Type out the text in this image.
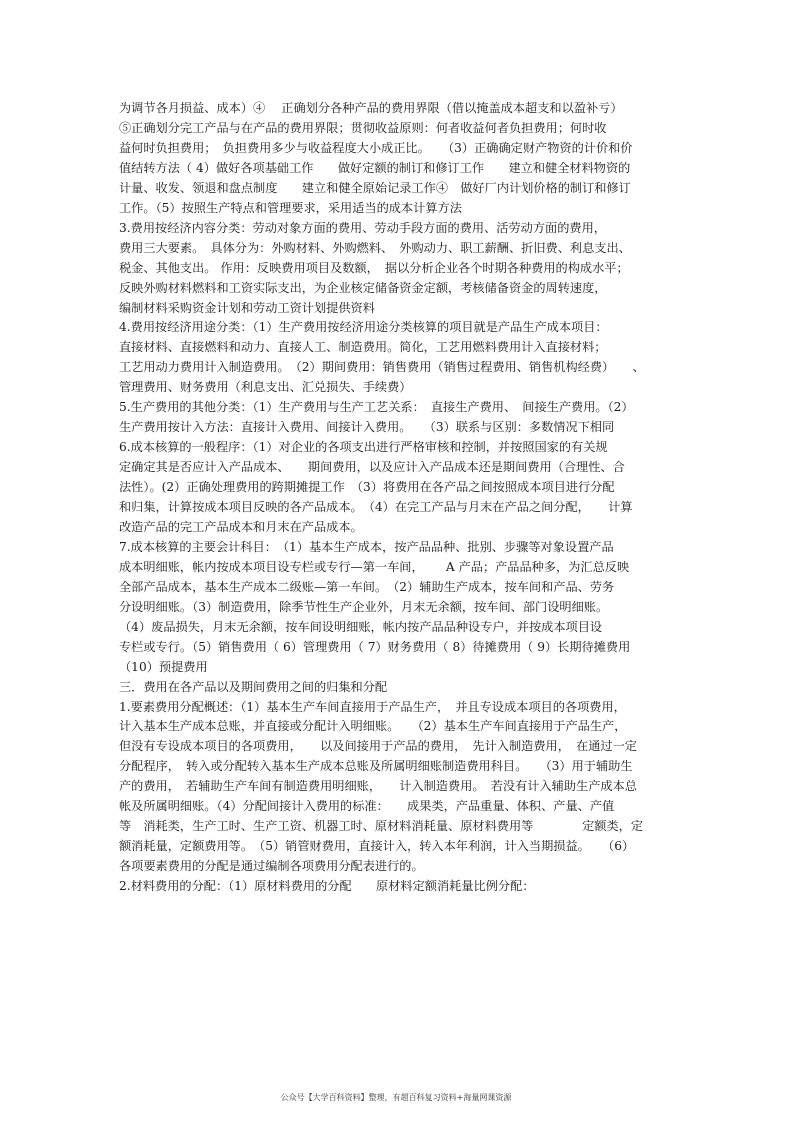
为调节各月损益、成本）④　 正确划分各种产品的费用界限（借以掩盖成本超支和以盈补亏）
⑤正确划分完工产品与在产品的费用界限；贯彻收益原则：何者收益何者负担费用；何时收
益何时负担费用；　负担费用多少与收益程度大小成正比。　　（3）正确确定财产物资的计价和价
值结转方法（ 4）做好各项基础工作　　做好定额的制订和修订工作　　建立和健全材料物资的
计量、收发、领退和盘点制度　　建立和健全原始记录工作④　做好厂内计划价格的制订和修订
工作。（5）按照生产特点和管理要求，采用适当的成本计算方法
3.费用按经济内容分类：劳动对象方面的费用、劳动手段方面的费用、活劳动方面的费用，
费用三大要素。　具体分为：外购材料、外购燃料、　外购动力、职工薪酬、折旧费、利息支出、
税金、其他支出。 作用：反映费用项目及数额，　据以分析企业各个时期各种费用的构成水平；
反映外购材料燃料和工资实际支出，为企业核定储备资金定额，考核储备资金的周转速度，
编制材料采购资金计划和劳动工资计划提供资料
4.费用按经济用途分类：（1）生产费用按经济用途分类核算的项目就是产品生产成本项目：
直接材料、直接燃料和动力、直接人工、制造费用。简化，工艺用燃料费用计入直接材料；
工艺用动力费用计入制造费用。　（2）期间费用：销售费用（销售过程费用、销售机构经费）　　、
管理费用、财务费用（利息支出、汇兑损失、手续费）
5.生产费用的其他分类：（1）生产费用与生产工艺关系：　直接生产费用、　间接生产费用。（2）
生产费用按计入方法：直接计入费用、间接计入费用。　　（3）联系与区别：多数情况下相同
6.成本核算的一般程序：（1）对企业的各项支出进行严格审核和控制，并按照国家的有关规
定确定其是否应计入产品成本、　　期间费用，以及应计入产品成本还是期间费用（合理性、合
法性）。(2）正确处理费用的跨期摊提工作　（3）将费用在各产品之间按照成本项目进行分配
和归集，计算按成本项目反映的各产品成本。　（4）在完工产品与月末在产品之间分配，　　计算
改造产品的完工产品成本和月末在产品成本。
7.成本核算的主要会计科目：　（1）基本生产成本，按产品品种、批别、步骤等对象设置产品
成本明细账，帐内按成本项目设专栏或专行—第一车间，　　 A 产品；产品品种多，为汇总反映
全部产品成本，基本生产成本二级账—第一车间。　（2）辅助生产成本，按车间和产品、劳务
分设明细账。（3）制造费用，除季节性生产企业外，月末无余额，按车间、部门设明细账。
（4）废品损失，月末无余额，按车间设明细账，帐内按产品品种设专户，并按成本项目设
专栏或专行。（5）销售费用（ 6）管理费用（ 7）财务费用（ 8）待摊费用（ 9）长期待摊费用
（10）预提费用
三．费用在各产品以及期间费用之间的归集和分配
1.要素费用分配概述：（1）基本生产车间直接用于产品生产，　并且专设成本项目的各项费用，
计入基本生产成本总账，并直接或分配计入明细账。　　（2）基本生产车间直接用于产品生产，
但没有专设成本项目的各项费用，　　以及间接用于产品的费用，　先计入制造费用，　在通过一定
分配程序，　转入或分配转入基本生产成本总账及所属明细账制造费用科目。　　（3）用于辅助生
产的费用，　若辅助生产车间有制造费用明细账，　　计入制造费用。　若没有计入辅助生产成本总
帐及所属明细账。（4）分配间接计入费用的标准：　　成果类，产品重量、体积、产量、产值
等　消耗类，生产工时、生产工资、机器工时、原材料消耗量、原材料费用等　　　　定额类，定
额消耗量，定额费用等。　（5）销管财费用，直接计入，转入本年利润，计入当期损益。　　（6）
各项要素费用的分配是通过编制各项费用分配表进行的。
2.材料费用的分配：（1）原材料费用的分配　　原材料定额消耗量比例分配：
公众号【大学百科资料】整理，有超百科复习资料+海量网课资源
